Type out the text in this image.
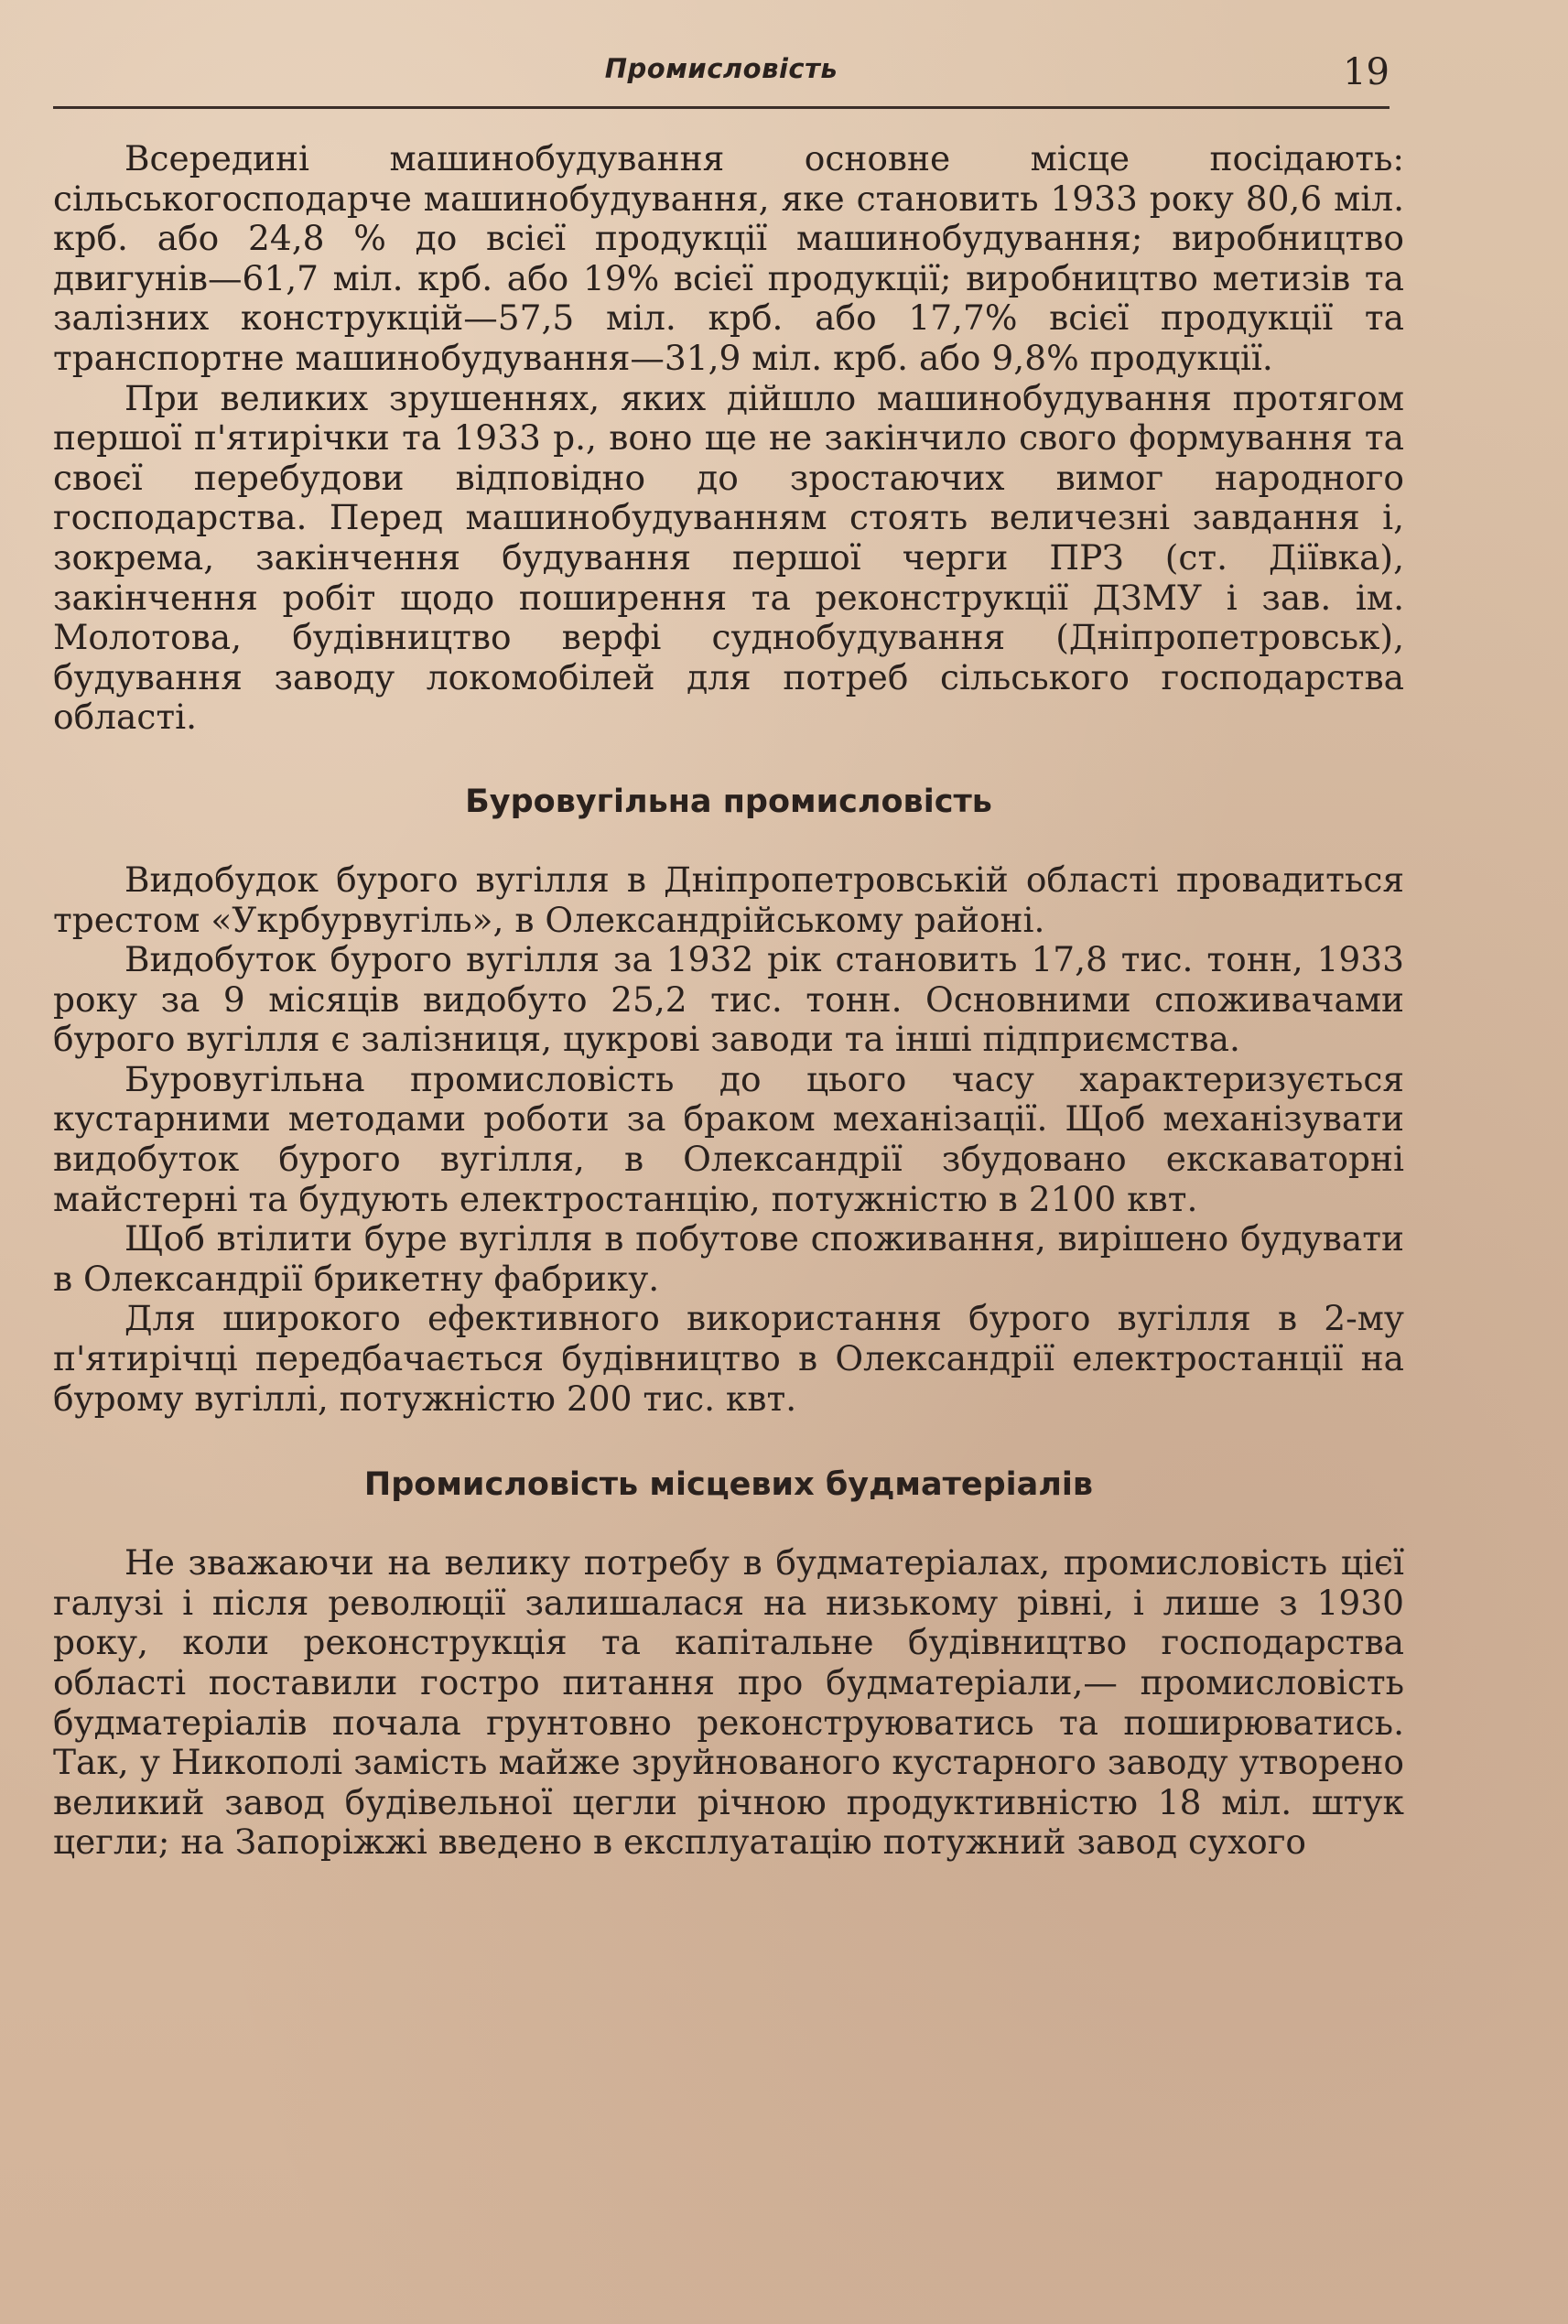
Промисловість	19

Всередині машинобудування основне місце посідають: сільськогосподарче машинобудування, яке становить 1933 року 80,6 міл. крб. або 24,8 % до всієї продукції машинобудування; виробництво двигунів—61,7 міл. крб. або 19% всієї продукції; виробництво метизів та залізних конструкцій—57,5 міл. крб. або 17,7% всієї продукції та транспортне машинобудування—31,9 міл. крб. або 9,8% продукції.

При великих зрушеннях, яких дійшло машинобудування протягом першої п'ятирічки та 1933 р., воно ще не закінчило свого формування та своєї перебудови відповідно до зростаючих вимог народного господарства. Перед машинобудуванням стоять величезні завдання і, зокрема, закінчення будування першої черги ПРЗ (ст. Діївка), закінчення робіт щодо поширення та реконструкції ДЗМУ і зав. ім. Молотова, будівництво верфі суднобудування (Дніпропетровськ), будування заводу локомобілей для потреб сільського господарства області.

Буровугільна промисловість

Видобудок бурого вугілля в Дніпропетровській області провадиться трестом «Укрбурвугіль», в Олександрійському районі.

Видобуток бурого вугілля за 1932 рік становить 17,8 тис. тонн, 1933 року за 9 місяців видобуто 25,2 тис. тонн. Основними споживачами бурого вугілля є залізниця, цукрові заводи та інші підприємства.

Буровугільна промисловість до цього часу характеризується кустарними методами роботи за браком механізації. Щоб механізувати видобуток бурого вугілля, в Олександрії збудовано екскаваторні майстерні та будують електростанцію, потужністю в 2100 квт.

Щоб втілити буре вугілля в побутове споживання, вирішено будувати в Олександрії брикетну фабрику.

Для широкого ефективного використання бурого вугілля в 2-му п'ятирічці передбачається будівництво в Олександрії електростанції на бурому вугіллі, потужністю 200 тис. квт.

Промисловість місцевих будматеріалів

Не зважаючи на велику потребу в будматеріалах, промисловість цієї галузі і після революції залишалася на низькому рівні, і лише з 1930 року, коли реконструкція та капітальне будівництво господарства області поставили гостро питання про будматеріали,— промисловість будматеріалів почала грунтовно реконструюватись та поширюватись. Так, у Никополі замість майже зруйнованого кустарного заводу утворено великий завод будівельної цегли річною продуктивністю 18 міл. штук цегли; на Запоріжжі введено в експлуатацію потужний завод сухого
